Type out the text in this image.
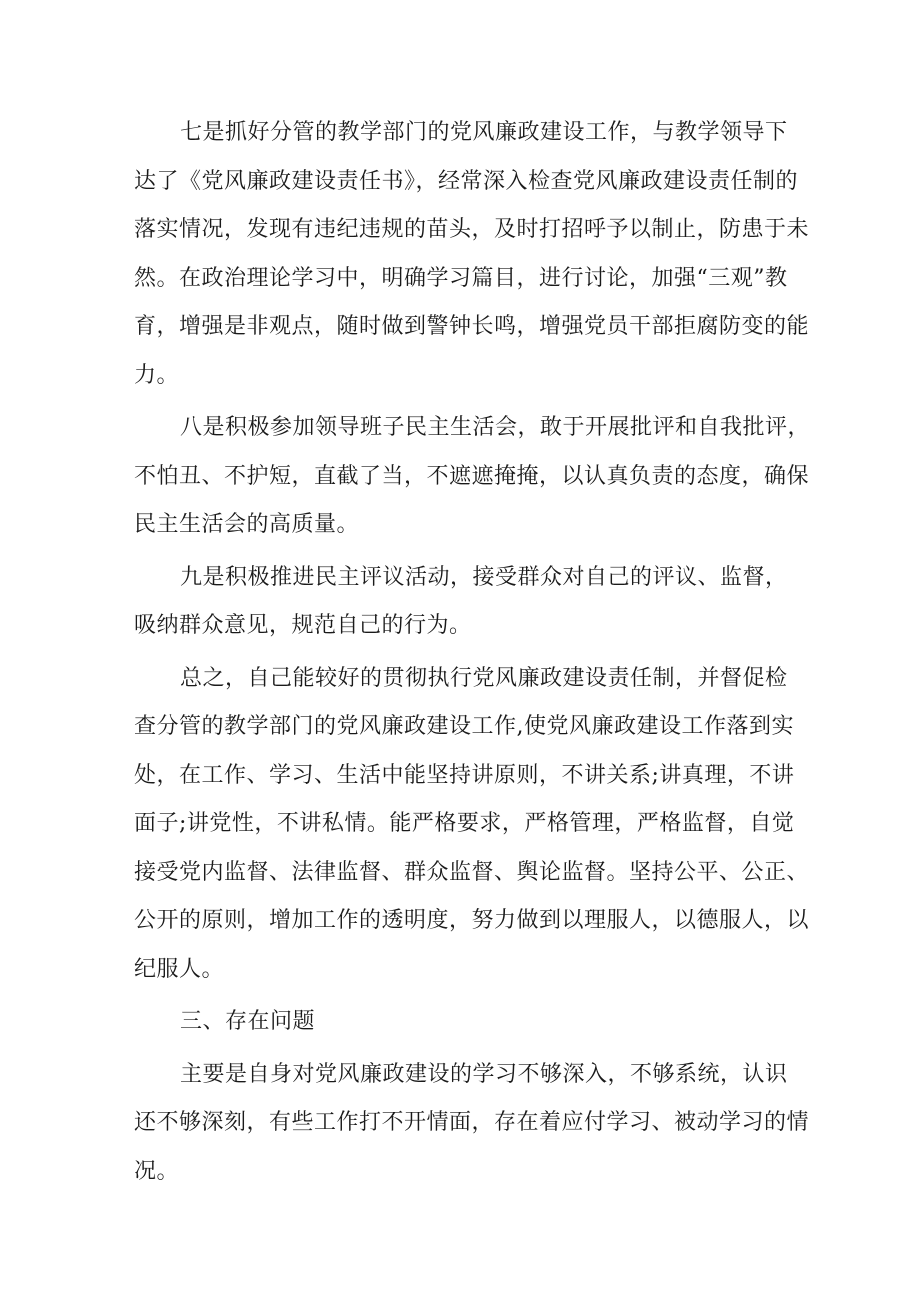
七是抓好分管的教学部门的党风廉政建设工作，与教学领导下
达了《党风廉政建设责任书》，经常深入检查党风廉政建设责任制的
落实情况，发现有违纪违规的苗头，及时打招呼予以制止，防患于未
然。在政治理论学习中，明确学习篇目，进行讨论，加强“三观”教
育，增强是非观点，随时做到警钟长鸣，增强党员干部拒腐防变的能
力。
八是积极参加领导班子民主生活会，敢于开展批评和自我批评，
不怕丑、不护短，直截了当，不遮遮掩掩，以认真负责的态度，确保
民主生活会的高质量。
九是积极推进民主评议活动，接受群众对自己的评议、监督，
吸纳群众意见，规范自己的行为。
总之，自己能较好的贯彻执行党风廉政建设责任制，并督促检
查分管的教学部门的党风廉政建设工作,使党风廉政建设工作落到实
处，在工作、学习、生活中能坚持讲原则，不讲关系;讲真理，不讲
面子;讲党性，不讲私情。能严格要求，严格管理，严格监督，自觉
接受党内监督、法律监督、群众监督、舆论监督。坚持公平、公正、
公开的原则，增加工作的透明度，努力做到以理服人，以德服人，以
纪服人。
三、存在问题
主要是自身对党风廉政建设的学习不够深入，不够系统，认识
还不够深刻，有些工作打不开情面，存在着应付学习、被动学习的情
况。
